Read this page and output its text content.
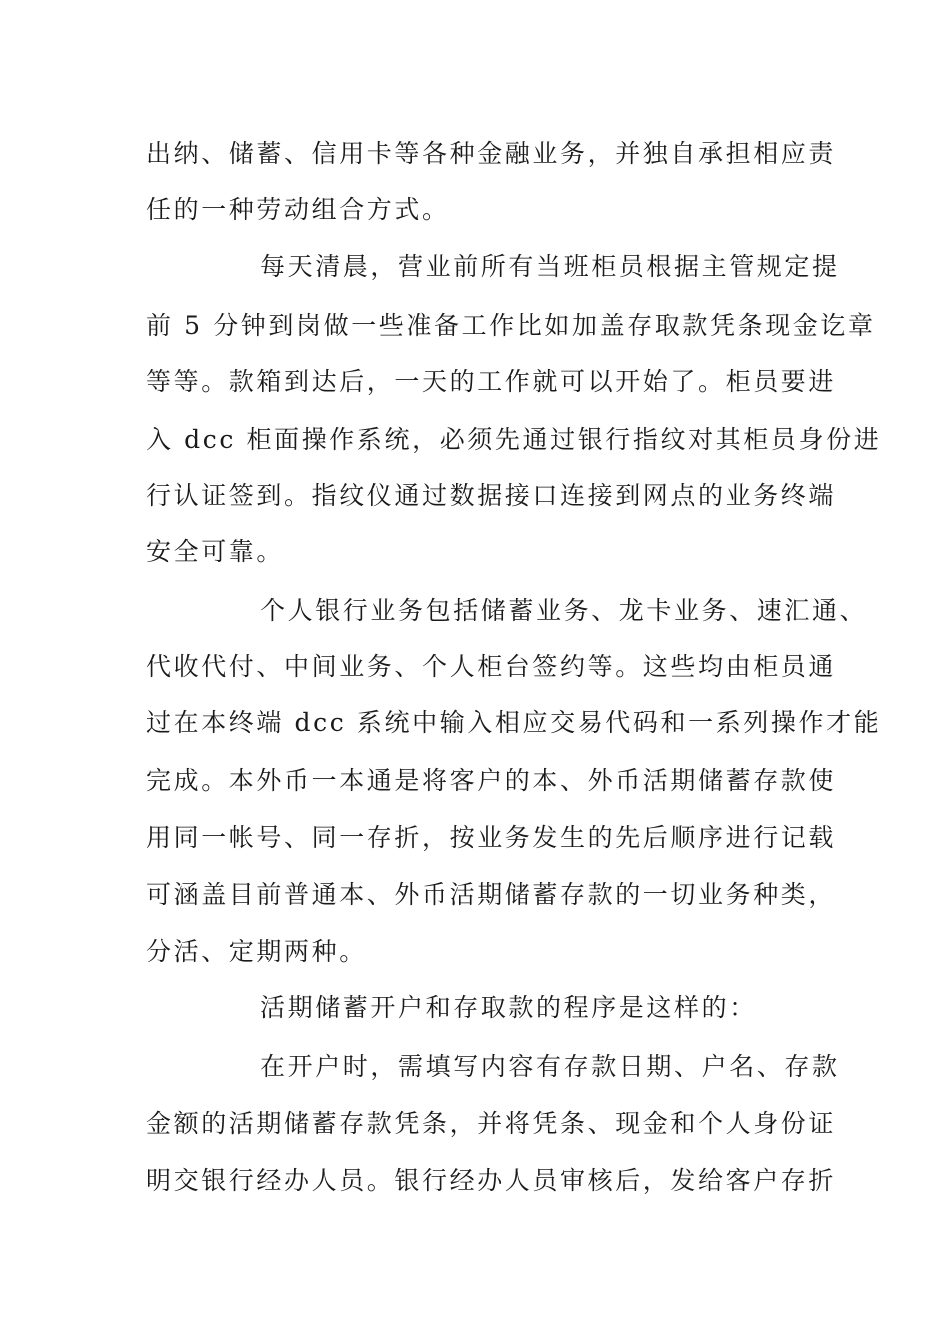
出纳、储蓄、信用卡等各种金融业务，并独自承担相应责
任的一种劳动组合方式。
每天清晨，营业前所有当班柜员根据主管规定提
前 5 分钟到岗做一些准备工作比如加盖存取款凭条现金讫章
等等。款箱到达后，一天的工作就可以开始了。柜员要进
入 dcc 柜面操作系统，必须先通过银行指纹对其柜员身份进
行认证签到。指纹仪通过数据接口连接到网点的业务终端
安全可靠。
个人银行业务包括储蓄业务、龙卡业务、速汇通、
代收代付、中间业务、个人柜台签约等。这些均由柜员通
过在本终端 dcc 系统中输入相应交易代码和一系列操作才能
完成。本外币一本通是将客户的本、外币活期储蓄存款使
用同一帐号、同一存折，按业务发生的先后顺序进行记载
可涵盖目前普通本、外币活期储蓄存款的一切业务种类，
分活、定期两种。
活期储蓄开户和存取款的程序是这样的：
在开户时，需填写内容有存款日期、户名、存款
金额的活期储蓄存款凭条，并将凭条、现金和个人身份证
明交银行经办人员。银行经办人员审核后，发给客户存折
